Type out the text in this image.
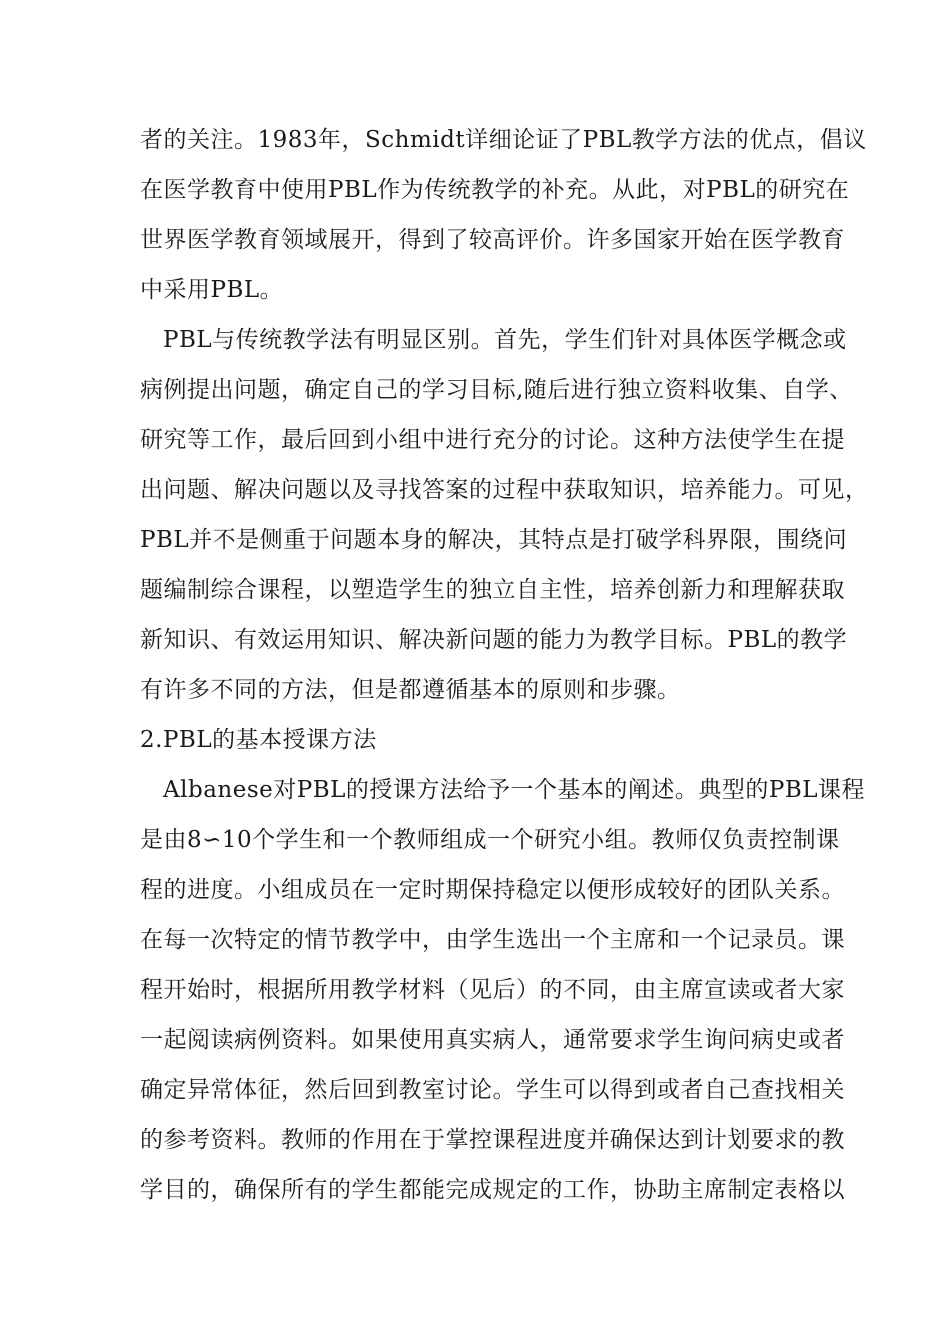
者的关注。1983年，Schmidt详细论证了PBL教学方法的优点，倡议
在医学教育中使用PBL作为传统教学的补充。从此，对PBL的研究在
世界医学教育领域展开，得到了较高评价。许多国家开始在医学教育
中采用PBL。
PBL与传统教学法有明显区别。首先，学生们针对具体医学概念或
病例提出问题，确定自己的学习目标,随后进行独立资料收集、自学、
研究等工作，最后回到小组中进行充分的讨论。这种方法使学生在提
出问题、解决问题以及寻找答案的过程中获取知识，培养能力。可见，
PBL并不是侧重于问题本身的解决，其特点是打破学科界限，围绕问
题编制综合课程，以塑造学生的独立自主性，培养创新力和理解获取
新知识、有效运用知识、解决新问题的能力为教学目标。PBL的教学
有许多不同的方法，但是都遵循基本的原则和步骤。
2.PBL的基本授课方法
Albanese对PBL的授课方法给予一个基本的阐述。典型的PBL课程
是由8∽10个学生和一个教师组成一个研究小组。教师仅负责控制课
程的进度。小组成员在一定时期保持稳定以便形成较好的团队关系。
在每一次特定的情节教学中，由学生选出一个主席和一个记录员。课
程开始时，根据所用教学材料（见后）的不同，由主席宣读或者大家
一起阅读病例资料。如果使用真实病人，通常要求学生询问病史或者
确定异常体征，然后回到教室讨论。学生可以得到或者自己查找相关
的参考资料。教师的作用在于掌控课程进度并确保达到计划要求的教
学目的，确保所有的学生都能完成规定的工作，协助主席制定表格以
